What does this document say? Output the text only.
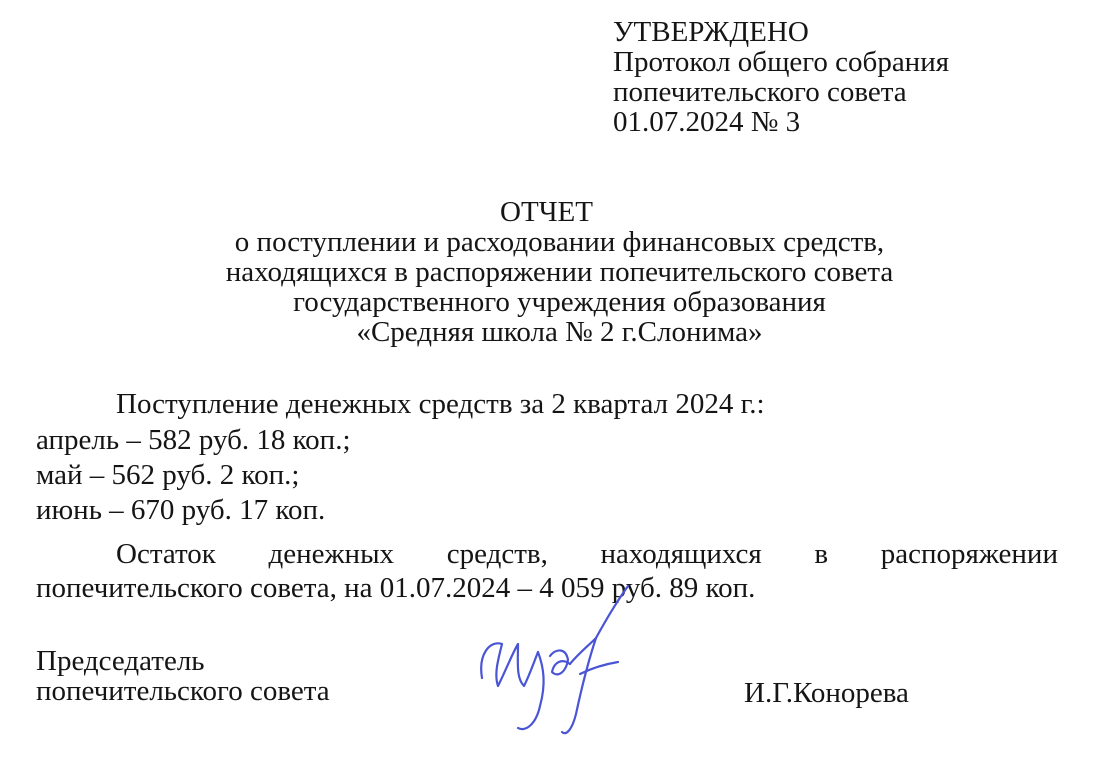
УТВЕРЖДЕНО
Протокол общего собрания
попечительского совета
01.07.2024 № 3
ОТЧЕТ
о поступлении и расходовании финансовых средств,
находящихся в распоряжении попечительского совета
государственного учреждения образования
«Средняя школа № 2 г.Слонима»
Поступление денежных средств за 2 квартал 2024 г.:
апрель – 582 руб. 18 коп.;
май – 562 руб. 2 коп.;
июнь – 670 руб. 17 коп.
Остаток денежных средств, находящихся в распоряжении
попечительского совета, на 01.07.2024 – 4 059 руб. 89 коп.
Председатель
попечительского совета	И.Г.Конорева
